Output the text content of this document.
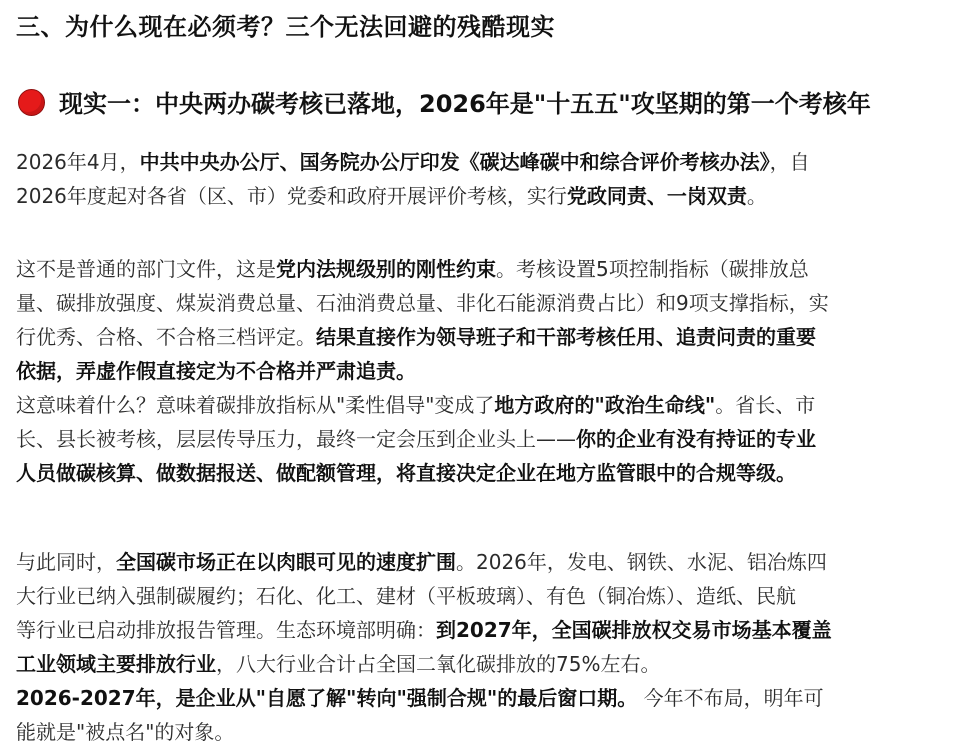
三、为什么现在必须考？三个无法回避的残酷现实
现实一：中央两办碳考核已落地，2026年是"十五五"攻坚期的第一个考核年
2026年4月，中共中央办公厅、国务院办公厅印发《碳达峰碳中和综合评价考核办法》，自
2026年度起对各省（区、市）党委和政府开展评价考核，实行党政同责、一岗双责。
这不是普通的部门文件，这是党内法规级别的刚性约束。考核设置5项控制指标（碳排放总
量、碳排放强度、煤炭消费总量、石油消费总量、非化石能源消费占比）和9项支撑指标，实
行优秀、合格、不合格三档评定。结果直接作为领导班子和干部考核任用、追责问责的重要
依据，弄虚作假直接定为不合格并严肃追责。
这意味着什么？意味着碳排放指标从"柔性倡导"变成了地方政府的"政治生命线"。省长、市
长、县长被考核，层层传导压力，最终一定会压到企业头上——你的企业有没有持证的专业
人员做碳核算、做数据报送、做配额管理，将直接决定企业在地方监管眼中的合规等级。
与此同时，全国碳市场正在以肉眼可见的速度扩围。2026年，发电、钢铁、水泥、铝冶炼四
大行业已纳入强制碳履约；石化、化工、建材（平板玻璃）、有色（铜冶炼）、造纸、民航
等行业已启动排放报告管理。生态环境部明确：到2027年，全国碳排放权交易市场基本覆盖
工业领域主要排放行业，八大行业合计占全国二氧化碳排放的75%左右。
2026-2027年，是企业从"自愿了解"转向"强制合规"的最后窗口期。 今年不布局，明年可
能就是"被点名"的对象。
